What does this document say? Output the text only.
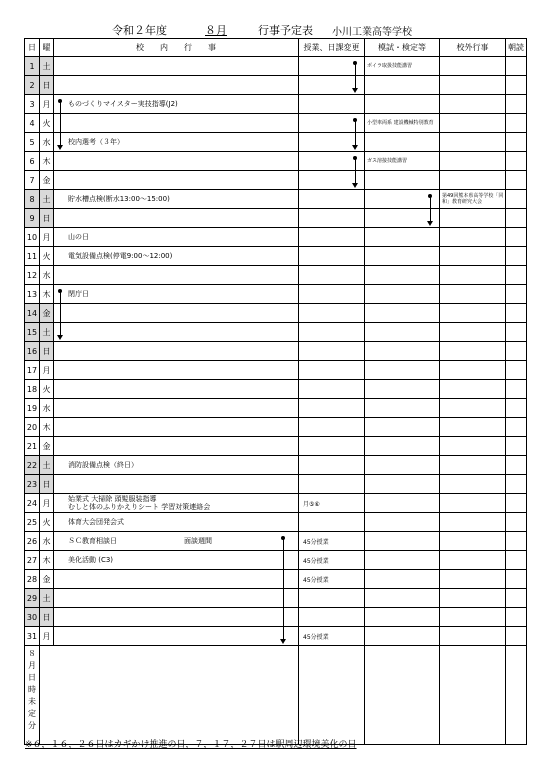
令和２年度	８月	行事予定表 小川工業高等学校
日	曜	校　　内　　行　　事	授業、日課変更	模試・検定等	校外行事	朝読
1	土			ボイラ取扱技能講習		
2	日					
3	月	ものづくりマイスター実技指導(J2)				
4	火			小型車両系 建設機械特別教育		
5	水	校内選考（３年）				
6	木			ガス溶接技能講習		
7	金					
8	土	貯水槽点検(断水13:00～15:00)			第49回熊本県高等学校「同和」教育研究大会	
9	日					
10	月	山の日				
11	火	電気設備点検(停電9:00～12:00)				
12	水					
13	木	閉庁日				
14	金					
15	土					
16	日					
17	月					
18	火					
19	水					
20	木					
21	金					
22	土	消防設備点検（終日）				
23	日					
24	月	始業式 大掃除 頭髪服装指導
むしと体のふりかえりシート 学習対策連絡会	月⑤⑥			
25	火	体育大会団発会式				
26	水	ＳＣ教育相談日 面談週間	45分授業			
27	木	美化活動 (C3)	45分授業			
28	金		45分授業			
29	土					
30	日					
31	月		45分授業			

８月日時未定分						

※６，１６，２６日はカギかけ推進の日，７，１７，２７日は駅周辺環境美化の日
